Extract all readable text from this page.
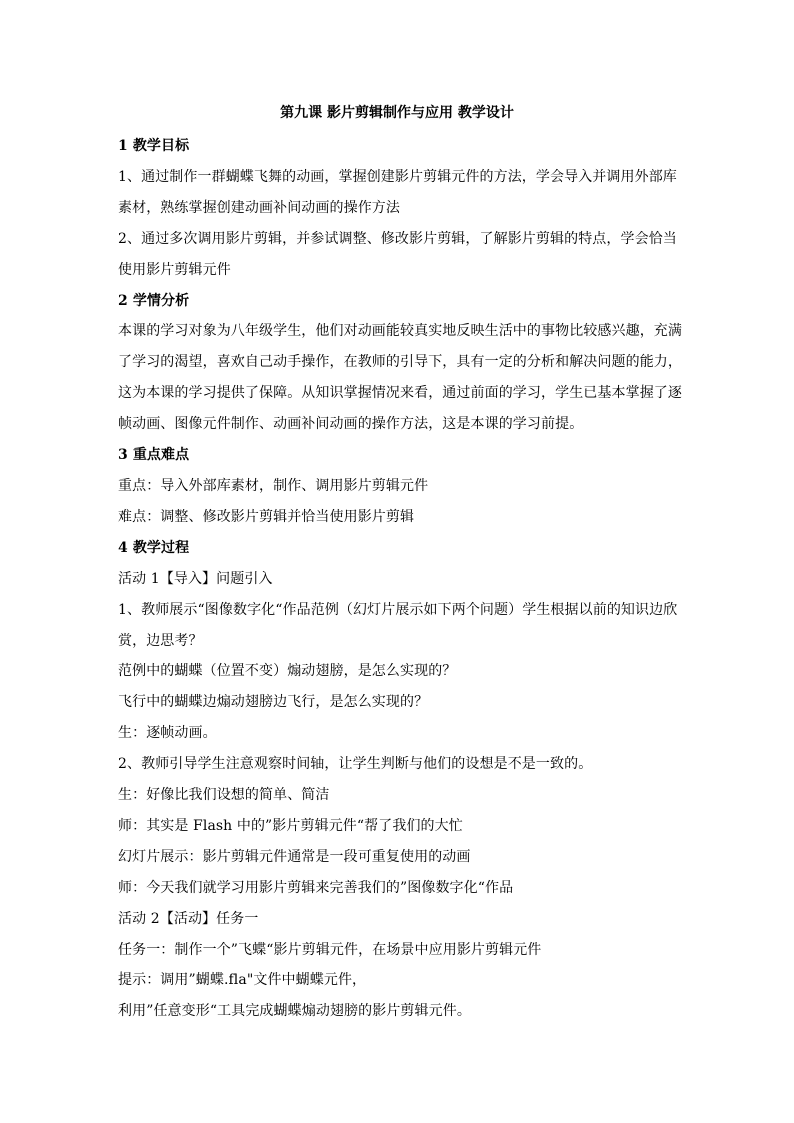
第九课 影片剪辑制作与应用 教学设计
1 教学目标
1、通过制作一群蝴蝶飞舞的动画，掌握创建影片剪辑元件的方法，学会导入并调用外部库
素材，熟练掌握创建动画补间动画的操作方法
2、通过多次调用影片剪辑，并参试调整、修改影片剪辑，了解影片剪辑的特点，学会恰当
使用影片剪辑元件
2 学情分析
本课的学习对象为八年级学生，他们对动画能较真实地反映生活中的事物比较感兴趣，充满
了学习的渴望，喜欢自己动手操作，在教师的引导下，具有一定的分析和解决问题的能力，
这为本课的学习提供了保障。从知识掌握情况来看，通过前面的学习，学生已基本掌握了逐
帧动画、图像元件制作、动画补间动画的操作方法，这是本课的学习前提。
3 重点难点
重点：导入外部库素材，制作、调用影片剪辑元件
难点：调整、修改影片剪辑并恰当使用影片剪辑
4 教学过程
活动 1【导入】问题引入
1、教师展示“图像数字化“作品范例（幻灯片展示如下两个问题）学生根据以前的知识边欣
赏，边思考？
范例中的蝴蝶（位置不变）煽动翅膀，是怎么实现的？
飞行中的蝴蝶边煽动翅膀边飞行，是怎么实现的？
生：逐帧动画。
2、教师引导学生注意观察时间轴，让学生判断与他们的设想是不是一致的。
生：好像比我们设想的简单、简洁
师：其实是 Flash 中的”影片剪辑元件“帮了我们的大忙
幻灯片展示：影片剪辑元件通常是一段可重复使用的动画
师：今天我们就学习用影片剪辑来完善我们的”图像数字化“作品
活动 2【活动】任务一
任务一：制作一个”飞蝶“影片剪辑元件，在场景中应用影片剪辑元件
提示：调用”蝴蝶.fla"文件中蝴蝶元件，
利用”任意变形“工具完成蝴蝶煽动翅膀的影片剪辑元件。
